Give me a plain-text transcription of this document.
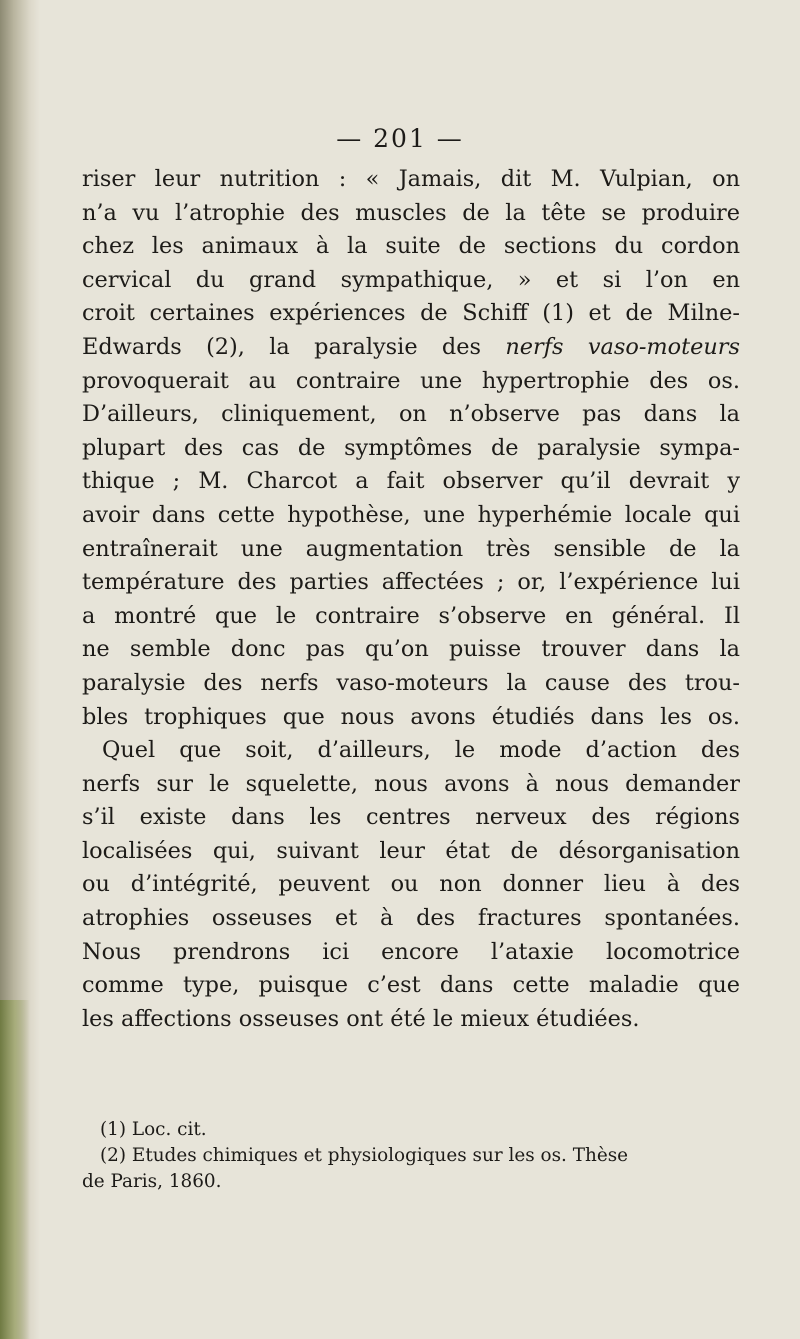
— 201 —
riser leur nutrition : « Jamais, dit M. Vulpian, on
n’a vu l’atrophie des muscles de la tête se produire
chez les animaux à la suite de sections du cordon
cervical du grand sympathique, » et si l’on en
croit certaines expériences de Schiff (1) et de Milne-
Edwards (2), la paralysie des nerfs vaso-moteurs
provoquerait au contraire une hypertrophie des os.
D’ailleurs, cliniquement, on n’observe pas dans la
plupart des cas de symptômes de paralysie sympa-
thique ; M. Charcot a fait observer qu’il devrait y
avoir dans cette hypothèse, une hyperhémie locale qui
entraînerait une augmentation très sensible de la
température des parties affectées ; or, l’expérience lui
a montré que le contraire s’observe en général. Il
ne semble donc pas qu’on puisse trouver dans la
paralysie des nerfs vaso-moteurs la cause des trou-
bles trophiques que nous avons étudiés dans les os.
Quel que soit, d’ailleurs, le mode d’action des
nerfs sur le squelette, nous avons à nous demander
s’il existe dans les centres nerveux des régions
localisées qui, suivant leur état de désorganisation
ou d’intégrité, peuvent ou non donner lieu à des
atrophies osseuses et à des fractures spontanées.
Nous prendrons ici encore l’ataxie locomotrice
comme type, puisque c’est dans cette maladie que
les affections osseuses ont été le mieux étudiées.
(1) Loc. cit.
(2) Etudes chimiques et physiologiques sur les os. Thèse
de Paris, 1860.
